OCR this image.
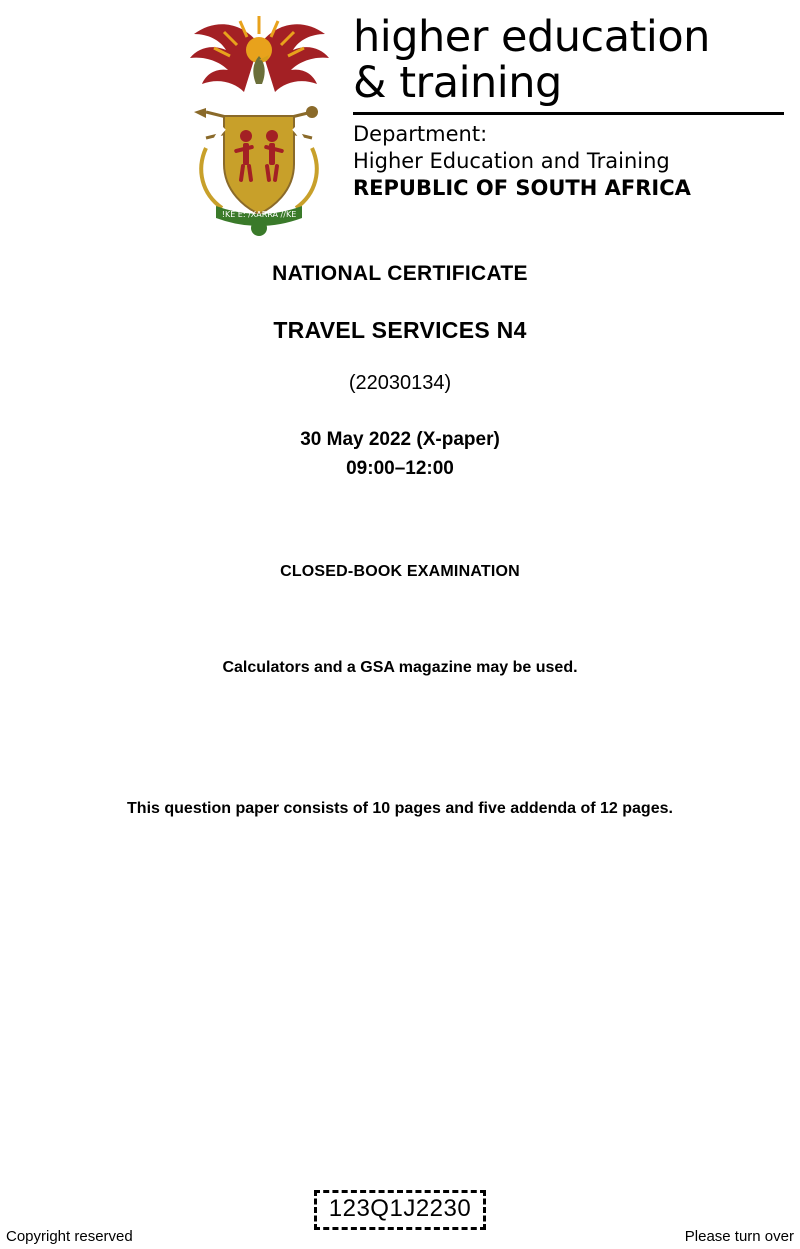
!KE E: /XARRA //KE
higher education
& training
Department:
Higher Education and Training
REPUBLIC OF SOUTH AFRICA
NATIONAL CERTIFICATE
TRAVEL SERVICES N4
(22030134)
30 May 2022 (X-paper)
09:00–12:00
CLOSED-BOOK EXAMINATION
Calculators and a GSA magazine may be used.
This question paper consists of 10 pages and five addenda of 12 pages.
123Q1J2230
Copyright reserved	Please turn over
